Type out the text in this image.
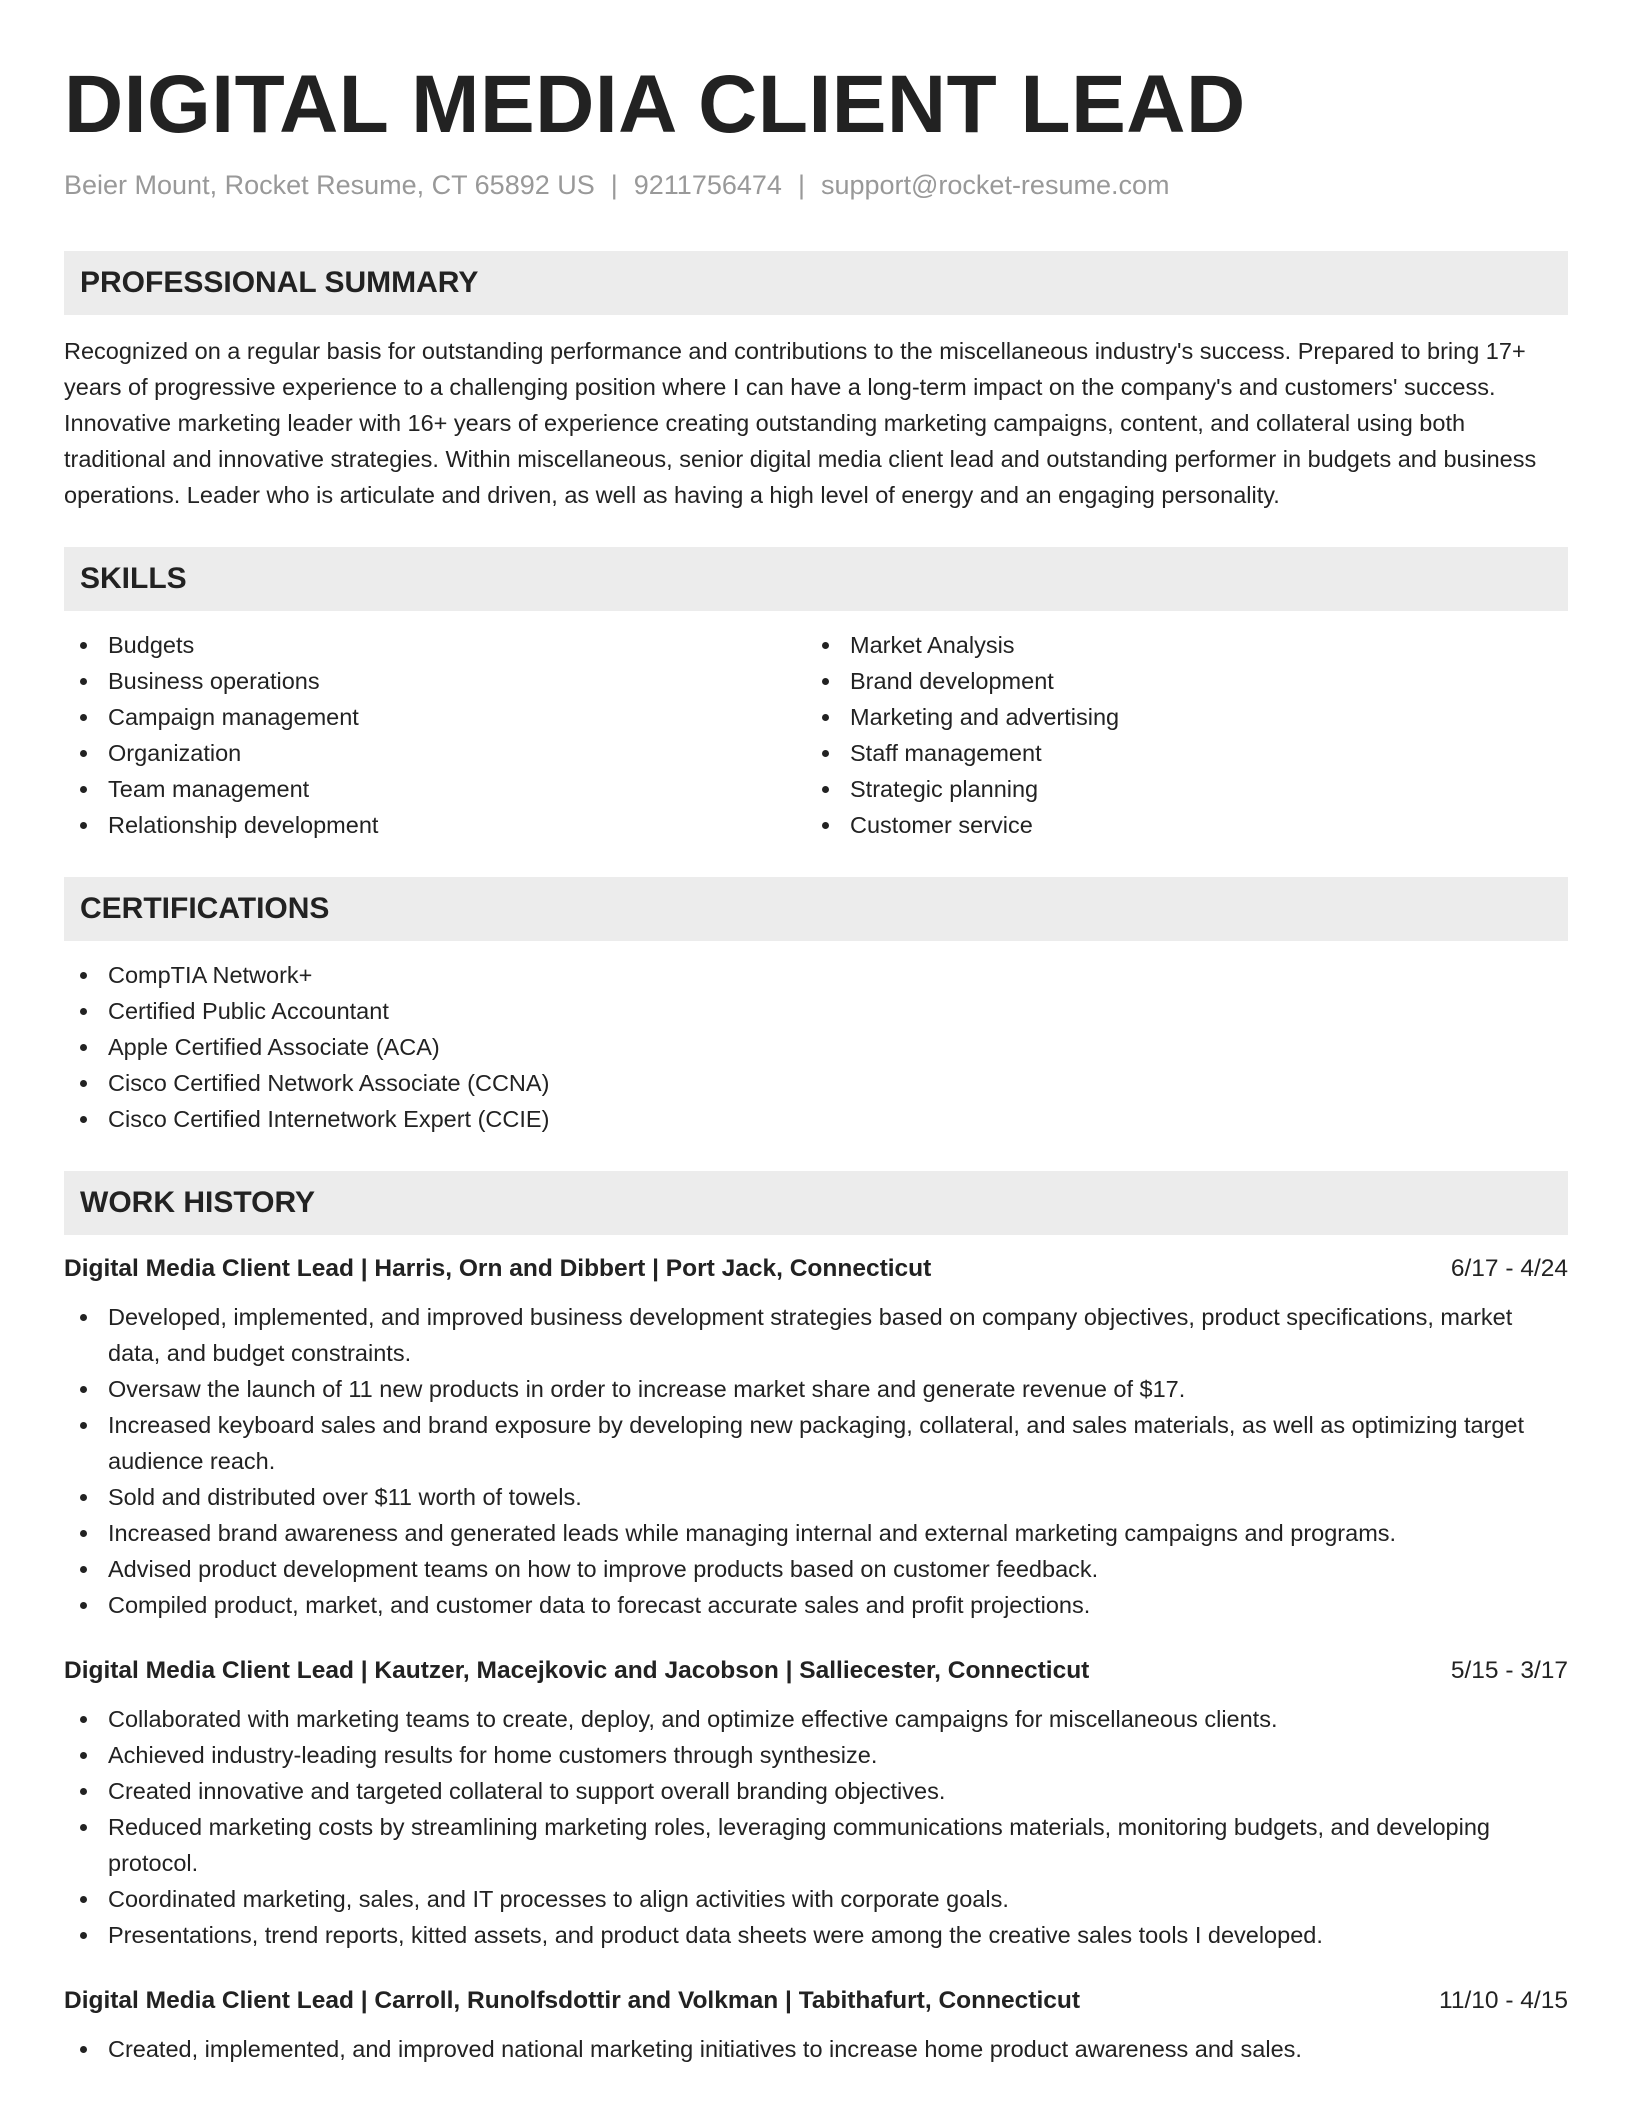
DIGITAL MEDIA CLIENT LEAD
Beier Mount, Rocket Resume, CT 65892 US | 9211756474 | support@rocket-resume.com
PROFESSIONAL SUMMARY

Recognized on a regular basis for outstanding performance and contributions to the miscellaneous industry's success. Prepared to bring 17+ years of progressive experience to a challenging position where I can have a long-term impact on the company's and customers' success. Innovative marketing leader with 16+ years of experience creating outstanding marketing campaigns, content, and collateral using both traditional and innovative strategies. Within miscellaneous, senior digital media client lead and outstanding performer in budgets and business operations. Leader who is articulate and driven, as well as having a high level of energy and an engaging personality.

SKILLS
Budgets
Business operations
Campaign management
Organization
Team management
Relationship development
Market Analysis
Brand development
Marketing and advertising
Staff management
Strategic planning
Customer service
CERTIFICATIONS
CompTIA Network+
Certified Public Accountant
Apple Certified Associate (ACA)
Cisco Certified Network Associate (CCNA)
Cisco Certified Internetwork Expert (CCIE)
WORK HISTORY
Digital Media Client Lead | Harris, Orn and Dibbert | Port Jack, Connecticut	6/17 - 4/24
Developed, implemented, and improved business development strategies based on company objectives, product specifications, market data, and budget constraints.
Oversaw the launch of 11 new products in order to increase market share and generate revenue of $17.
Increased keyboard sales and brand exposure by developing new packaging, collateral, and sales materials, as well as optimizing target audience reach.
Sold and distributed over $11 worth of towels.
Increased brand awareness and generated leads while managing internal and external marketing campaigns and programs.
Advised product development teams on how to improve products based on customer feedback.
Compiled product, market, and customer data to forecast accurate sales and profit projections.
Digital Media Client Lead | Kautzer, Macejkovic and Jacobson | Salliecester, Connecticut	5/15 - 3/17
Collaborated with marketing teams to create, deploy, and optimize effective campaigns for miscellaneous clients.
Achieved industry-leading results for home customers through synthesize.
Created innovative and targeted collateral to support overall branding objectives.
Reduced marketing costs by streamlining marketing roles, leveraging communications materials, monitoring budgets, and developing protocol.
Coordinated marketing, sales, and IT processes to align activities with corporate goals.
Presentations, trend reports, kitted assets, and product data sheets were among the creative sales tools I developed.
Digital Media Client Lead | Carroll, Runolfsdottir and Volkman | Tabithafurt, Connecticut	11/10 - 4/15
Created, implemented, and improved national marketing initiatives to increase home product awareness and sales.
